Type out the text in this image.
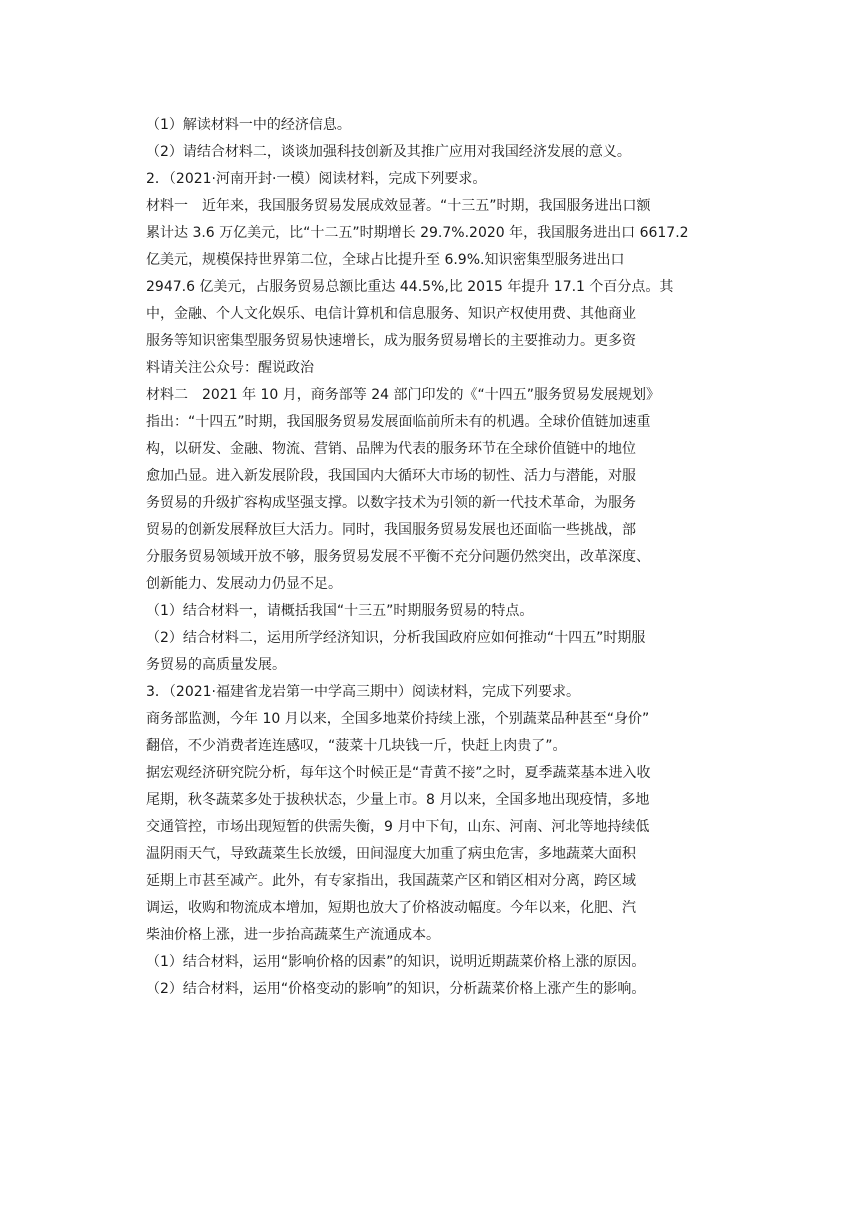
（1）解读材料一中的经济信息。
（2）请结合材料二，谈谈加强科技创新及其推广应用对我国经济发展的意义。
2．（2021·河南开封·一模）阅读材料，完成下列要求。
材料一　近年来，我国服务贸易发展成效显著。“十三五”时期，我国服务进出口额
累计达 3.6 万亿美元，比“十二五”时期增长 29.7%.2020 年，我国服务进出口 6617.2
亿美元，规模保持世界第二位，全球占比提升至 6.9%.知识密集型服务进出口
2947.6 亿美元，占服务贸易总额比重达 44.5%,比 2015 年提升 17.1 个百分点。其
中，金融、个人文化娱乐、电信计算机和信息服务、知识产权使用费、其他商业
服务等知识密集型服务贸易快速增长，成为服务贸易增长的主要推动力。更多资
料请关注公众号：醒说政治
材料二　2021 年 10 月，商务部等 24 部门印发的《“十四五”服务贸易发展规划》
指出：“十四五”时期，我国服务贸易发展面临前所未有的机遇。全球价值链加速重
构，以研发、金融、物流、营销、品牌为代表的服务环节在全球价值链中的地位
愈加凸显。进入新发展阶段，我国国内大循环大市场的韧性、活力与潜能，对服
务贸易的升级扩容构成坚强支撑。以数字技术为引领的新一代技术革命，为服务
贸易的创新发展释放巨大活力。同时，我国服务贸易发展也还面临一些挑战，部
分服务贸易领域开放不够，服务贸易发展不平衡不充分问题仍然突出，改革深度、
创新能力、发展动力仍显不足。
（1）结合材料一，请概括我国“十三五”时期服务贸易的特点。
（2）结合材料二，运用所学经济知识，分析我国政府应如何推动“十四五”时期服
务贸易的高质量发展。
3．（2021·福建省龙岩第一中学高三期中）阅读材料，完成下列要求。
商务部监测，今年 10 月以来，全国多地菜价持续上涨，个别蔬菜品种甚至“身价”
翻倍，不少消费者连连感叹，“菠菜十几块钱一斤，快赶上肉贵了”。
据宏观经济研究院分析，每年这个时候正是“青黄不接”之时，夏季蔬菜基本进入收
尾期，秋冬蔬菜多处于拔秧状态，少量上市。8 月以来，全国多地出现疫情，多地
交通管控，市场出现短暂的供需失衡，9 月中下旬，山东、河南、河北等地持续低
温阴雨天气，导致蔬菜生长放缓，田间湿度大加重了病虫危害，多地蔬菜大面积
延期上市甚至减产。此外，有专家指出，我国蔬菜产区和销区相对分离，跨区域
调运，收购和物流成本增加，短期也放大了价格波动幅度。今年以来，化肥、汽
柴油价格上涨，进一步抬高蔬菜生产流通成本。
（1）结合材料，运用“影响价格的因素”的知识，说明近期蔬菜价格上涨的原因。
（2）结合材料，运用“价格变动的影响”的知识，分析蔬菜价格上涨产生的影响。
